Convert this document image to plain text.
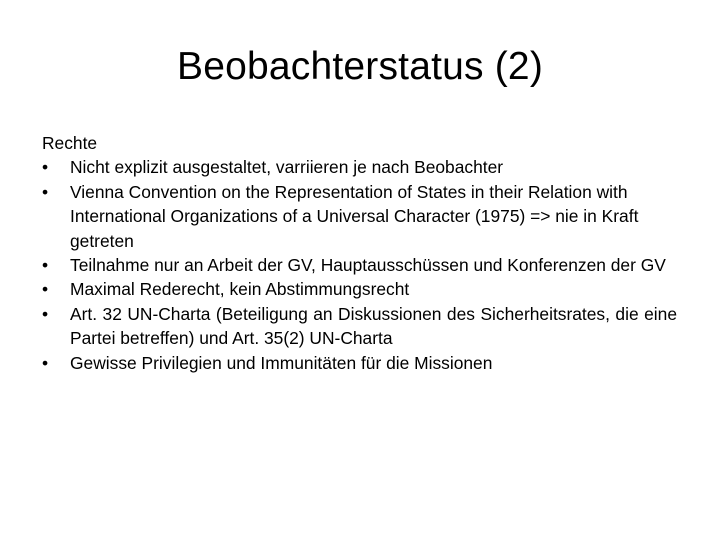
Beobachterstatus (2)

Rechte

•	Nicht explizit ausgestaltet, varriieren je nach Beobachter
•	Vienna Convention on the Representation of States in their Relation with International Organizations of a Universal Character (1975) => nie in Kraft getreten
•	Teilnahme nur an Arbeit der GV, Hauptausschüssen und Konferenzen der GV
•	Maximal Rederecht, kein Abstimmungsrecht
•	Art. 32 UN-Charta (Beteiligung an Diskussionen des Sicherheitsrates, die eine Partei betreffen) und Art. 35(2) UN-Charta
•	Gewisse Privilegien und Immunitäten für die Missionen
